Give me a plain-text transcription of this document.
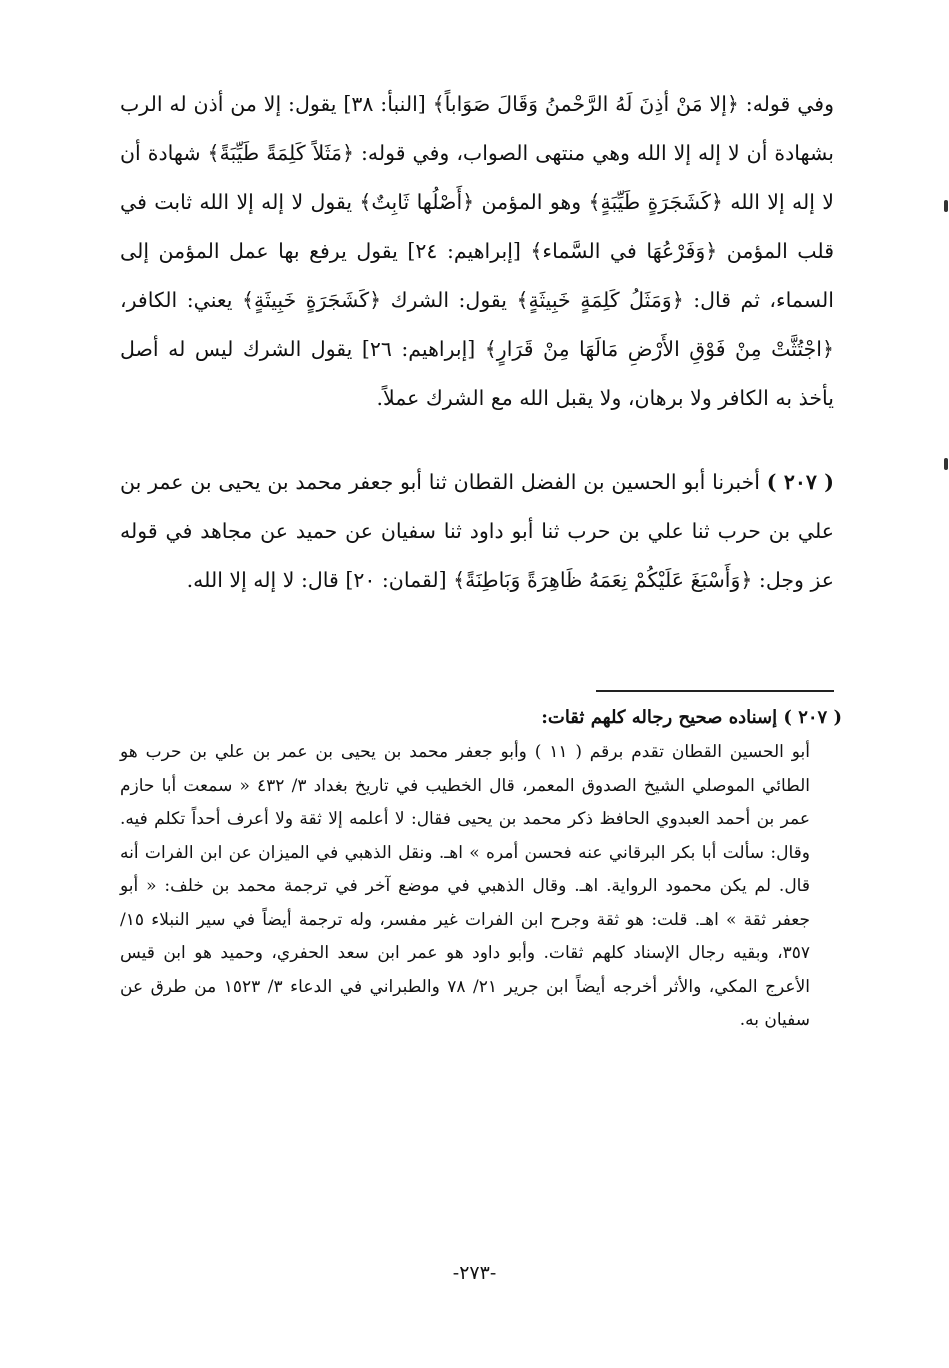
وفي قوله: ﴿إلا مَنْ أذِنَ لَهُ الرَّحْمنُ وَقَالَ صَوَاباً﴾ [النبأ: ٣٨] يقول: إلا من أذن له الرب بشهادة أن لا إله إلا الله وهي منتهى الصواب، وفي قوله: ﴿مَثَلاً كَلِمَةً طَيِّبَةً﴾ شهادة أن لا إله إلا الله ﴿كَشَجَرَةٍ طَيِّبَةٍ﴾ وهو المؤمن ﴿أَصْلُها ثَابِتٌ﴾ يقول لا إله إلا الله ثابت في قلب المؤمن ﴿وَفَرْعُهَا في السَّماء﴾ [إبراهيم: ٢٤] يقول يرفع بها عمل المؤمن إلى السماء، ثم قال: ﴿وَمَثَلُ كَلِمَةٍ خَبِيثَةٍ﴾ يقول: الشرك ﴿كَشَجَرَةٍ خَبِيثَةٍ﴾ يعني: الكافر، ﴿اجْتُثَّتْ مِنْ فَوْقِ الأَرْضِ مَالَهَا مِنْ قَرَارٍ﴾ [إبراهيم: ٢٦] يقول الشرك ليس له أصل يأخذ به الكافر ولا برهان، ولا يقبل الله مع الشرك عملاً.

( ٢٠٧ ) أخبرنا أبو الحسين بن الفضل القطان ثنا أبو جعفر محمد بن يحيى بن عمر بن علي بن حرب ثنا علي بن حرب ثنا أبو داود ثنا سفيان عن حميد عن مجاهد في قوله عز وجل: ﴿وَأَسْبَغَ عَلَيْكُمْ نِعَمَهُ ظَاهِرَةً وَبَاطِنَةً﴾ [لقمان: ٢٠] قال: لا إله إلا الله.

( ٢٠٧ ) إسناده صحيح رجاله كلهم ثقات:

أبو الحسين القطان تقدم برقم ( ١١ ) وأبو جعفر محمد بن يحيى بن عمر بن علي بن حرب هو الطائي الموصلي الشيخ الصدوق المعمر، قال الخطيب في تاريخ بغداد ٣/ ٤٣٢ « سمعت أبا حازم عمر بن أحمد العبدوي الحافظ ذكر محمد بن يحيى فقال: لا أعلمه إلا ثقة ولا أعرف أحداً تكلم فيه. وقال: سألت أبا بكر البرقاني عنه فحسن أمره » اهـ. ونقل الذهبي في الميزان عن ابن الفرات أنه قال. لم يكن محمود الرواية. اهـ. وقال الذهبي في موضع آخر في ترجمة محمد بن خلف: « أبو جعفر ثقة » اهـ. قلت: هو ثقة وجرح ابن الفرات غير مفسر، وله ترجمة أيضاً في سير النبلاء ١٥/ ٣٥٧، وبقيه رجال الإسناد كلهم ثقات. وأبو داود هو عمر ابن سعد الحفري، وحميد هو ابن قيس الأعرج المكي، والأثر أخرجه أيضاً ابن جرير ٢١/ ٧٨ والطبراني في الدعاء ٣/ ١٥٢٣ من طرق عن سفيان به.

-٢٧٣-
